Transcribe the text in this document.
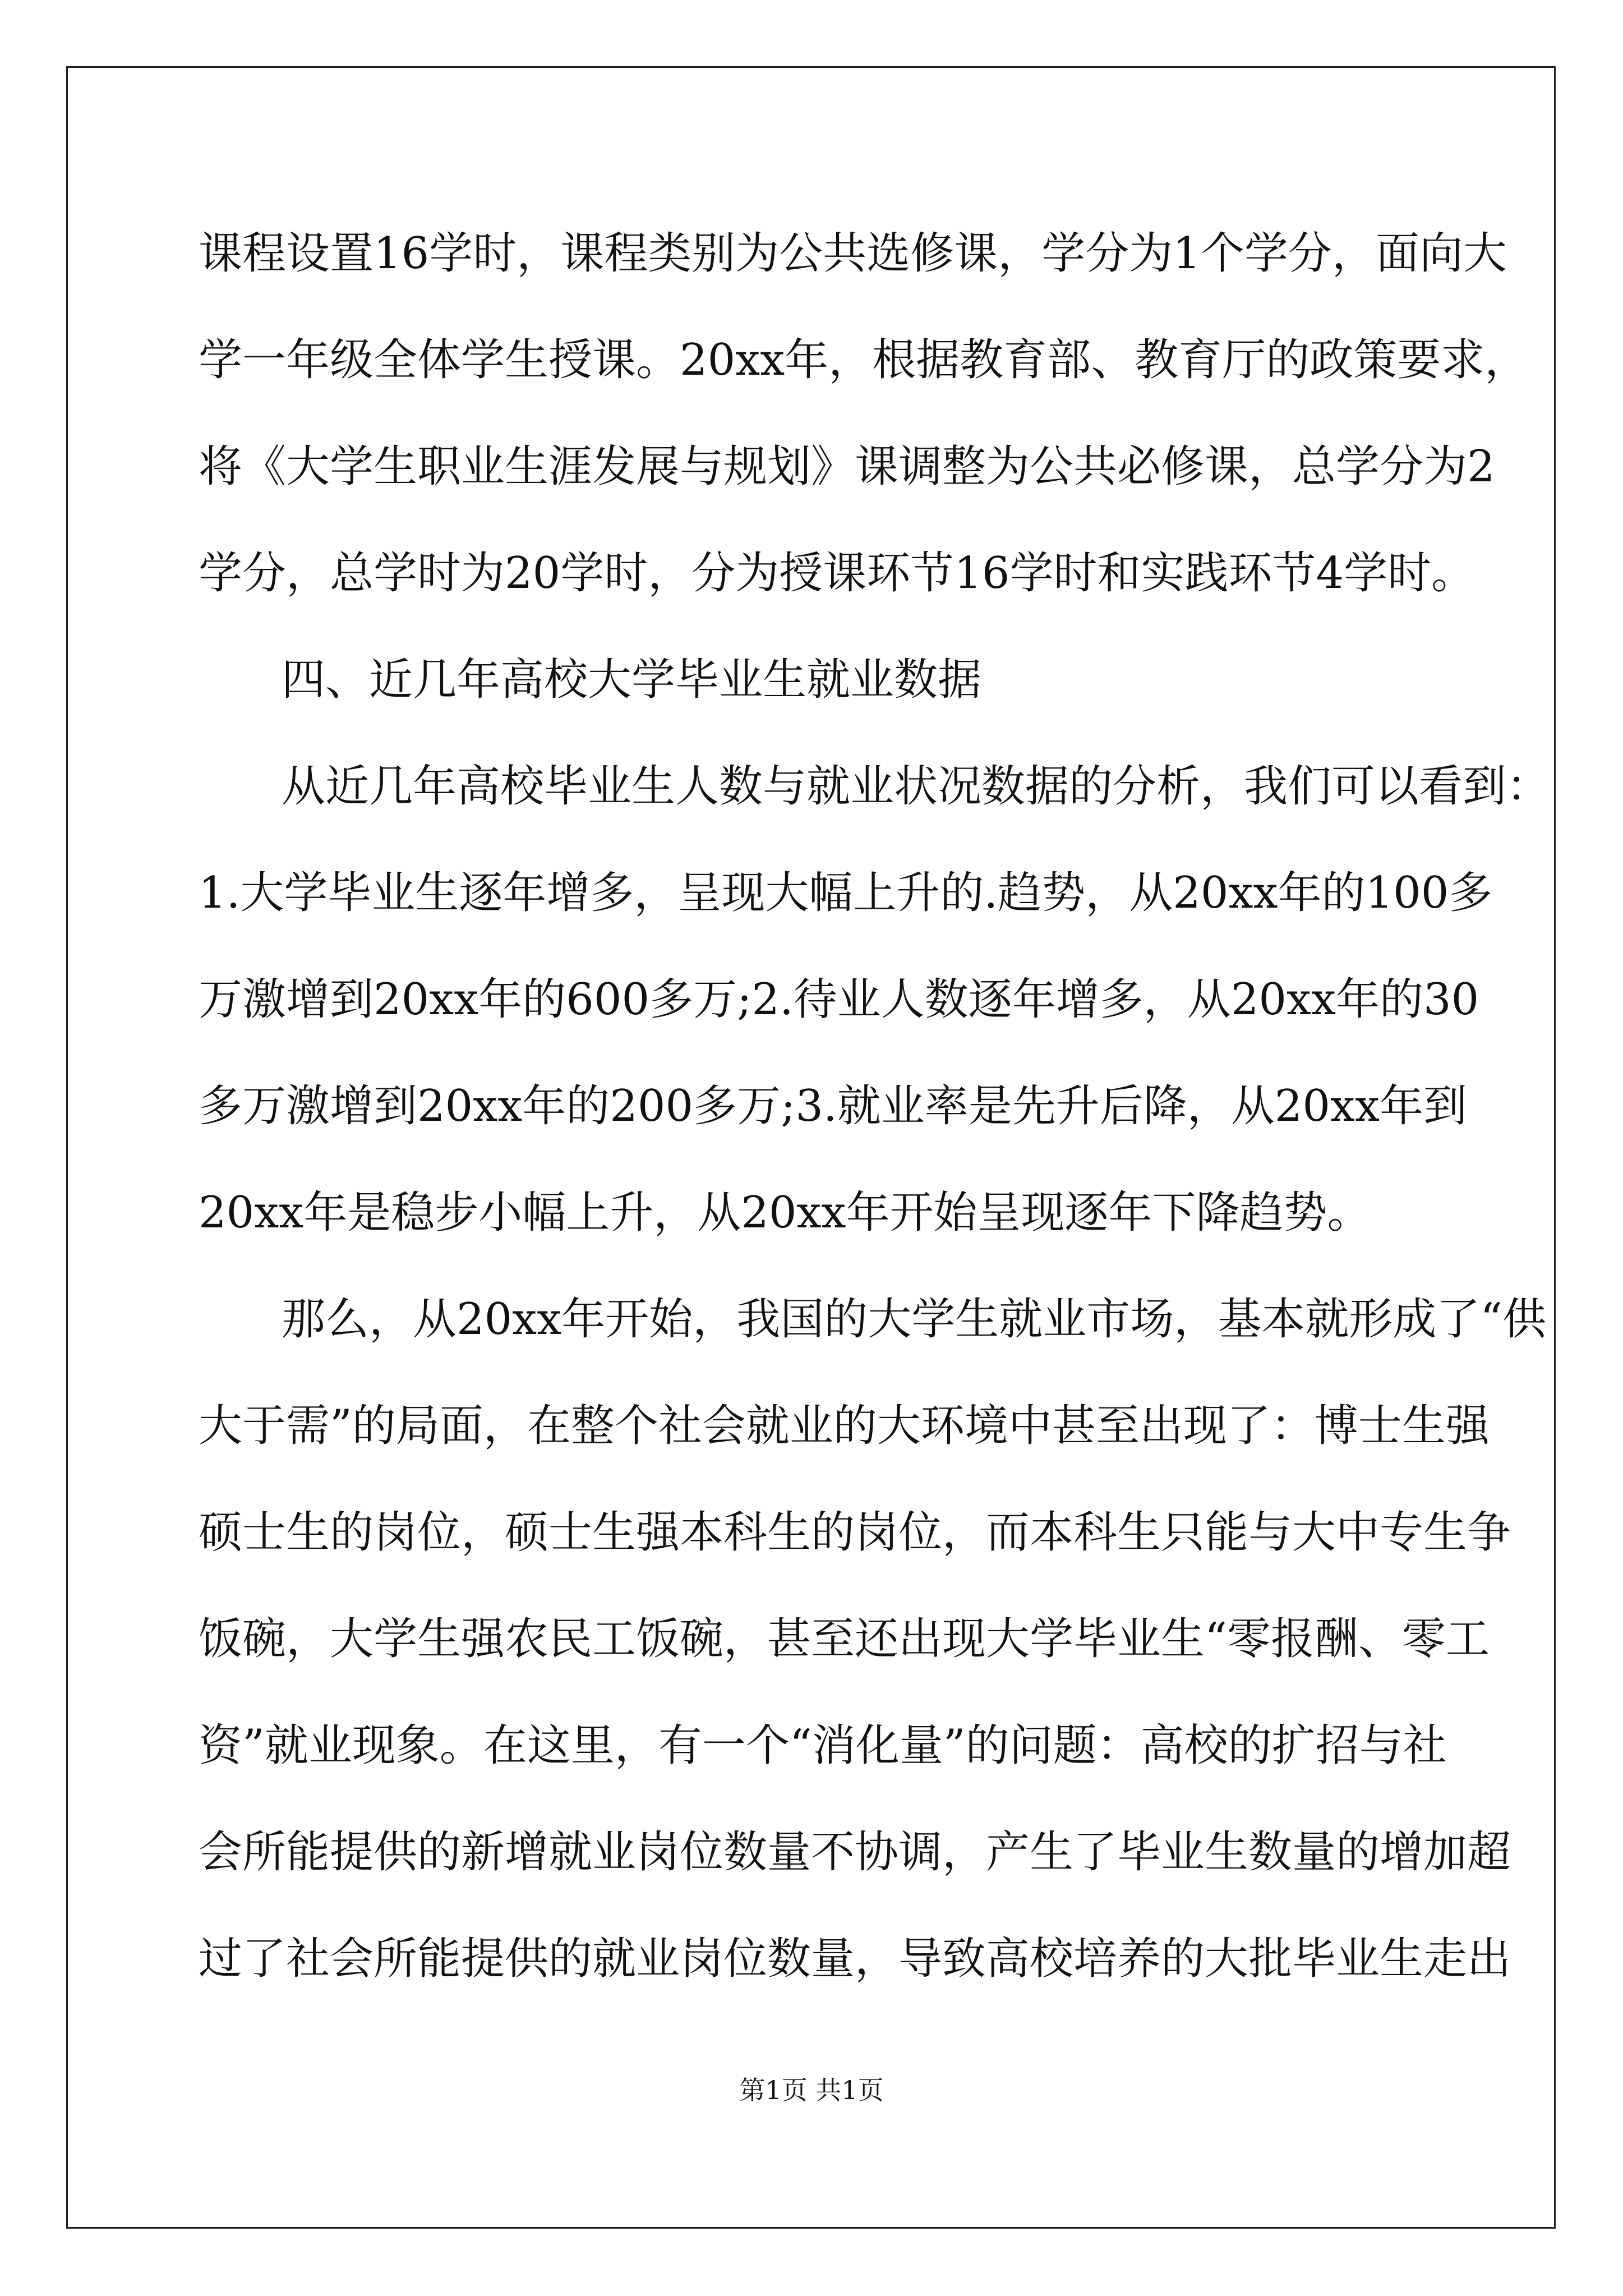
课程设置16学时，课程类别为公共选修课，学分为1个学分，面向大
学一年级全体学生授课。20xx年，根据教育部、教育厅的政策要求，
将《大学生职业生涯发展与规划》课调整为公共必修课，总学分为2
学分，总学时为20学时，分为授课环节16学时和实践环节4学时。
四、近几年高校大学毕业生就业数据
从近几年高校毕业生人数与就业状况数据的分析，我们可以看到：
1.大学毕业生逐年增多，呈现大幅上升的.趋势，从20xx年的100多
万激增到20xx年的600多万;2.待业人数逐年增多，从20xx年的30
多万激增到20xx年的200多万;3.就业率是先升后降，从20xx年到
20xx年是稳步小幅上升，从20xx年开始呈现逐年下降趋势。
那么，从20xx年开始，我国的大学生就业市场，基本就形成了“供
大于需”的局面，在整个社会就业的大环境中甚至出现了：博士生强
硕士生的岗位，硕士生强本科生的岗位，而本科生只能与大中专生争
饭碗，大学生强农民工饭碗，甚至还出现大学毕业生“零报酬、零工
资”就业现象。在这里，有一个“消化量”的问题：高校的扩招与社
会所能提供的新增就业岗位数量不协调，产生了毕业生数量的增加超
过了社会所能提供的就业岗位数量，导致高校培养的大批毕业生走出
第1页 共1页
